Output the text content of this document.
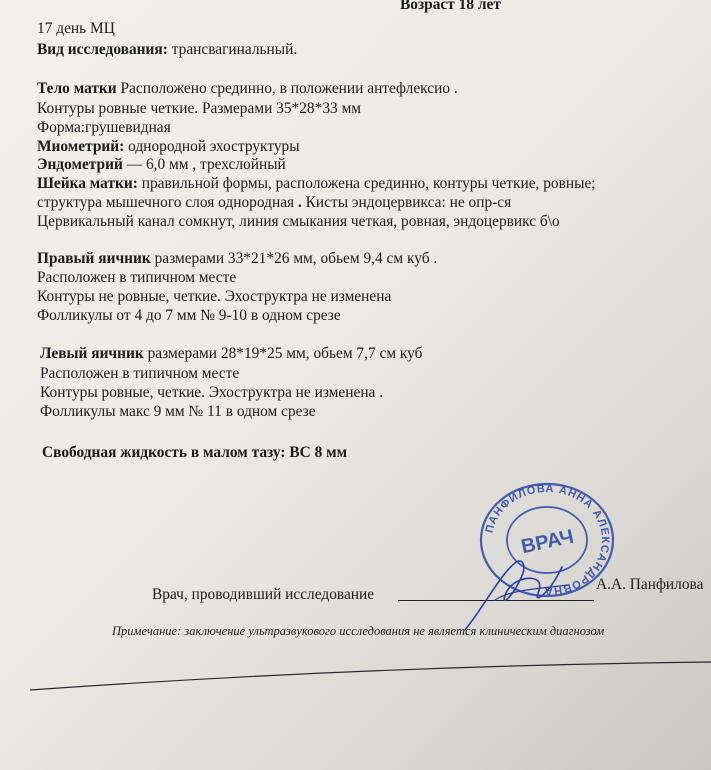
Возраст 18 лет
17 день МЦ
Вид исследования: трансвагинальный.
Тело матки Расположено срединно, в положении антефлексио .
Контуры ровные четкие. Размерами 35*28*33 мм
Форма:грушевидная
Миометрий: однородной эхоструктуры
Эндометрий — 6,0 мм , трехслойный
Шейка матки: правильной формы, расположена срединно, контуры четкие, ровные;
структура мышечного слоя однородная . Кисты эндоцервикса: не опр-ся
Цервикальный канал сомкнут, линия смыкания четкая, ровная, эндоцервикс б\о
Правый яичник размерами 33*21*26 мм, обьем 9,4 см куб .
Расположен в типичном месте
Контуры не ровные, четкие. Эхоструктра не изменена
Фолликулы от 4 до 7 мм № 9-10 в одном срезе
Левый яичник размерами 28*19*25 мм, обьем 7,7 см куб
Расположен в типичном месте
Контуры ровные, четкие. Эхоструктра не изменена .
Фолликулы макс 9 мм № 11 в одном срезе
Свободная жидкость в малом тазу: ВС 8 мм
Врач, проводивший исследование
А.А. Панфилова
ПАНФИЛОВА АННА АЛЕКСАНДРОВНА
ВРАЧ
Примечание: заключение ультразвукового исследования не является клиническим диагнозом
